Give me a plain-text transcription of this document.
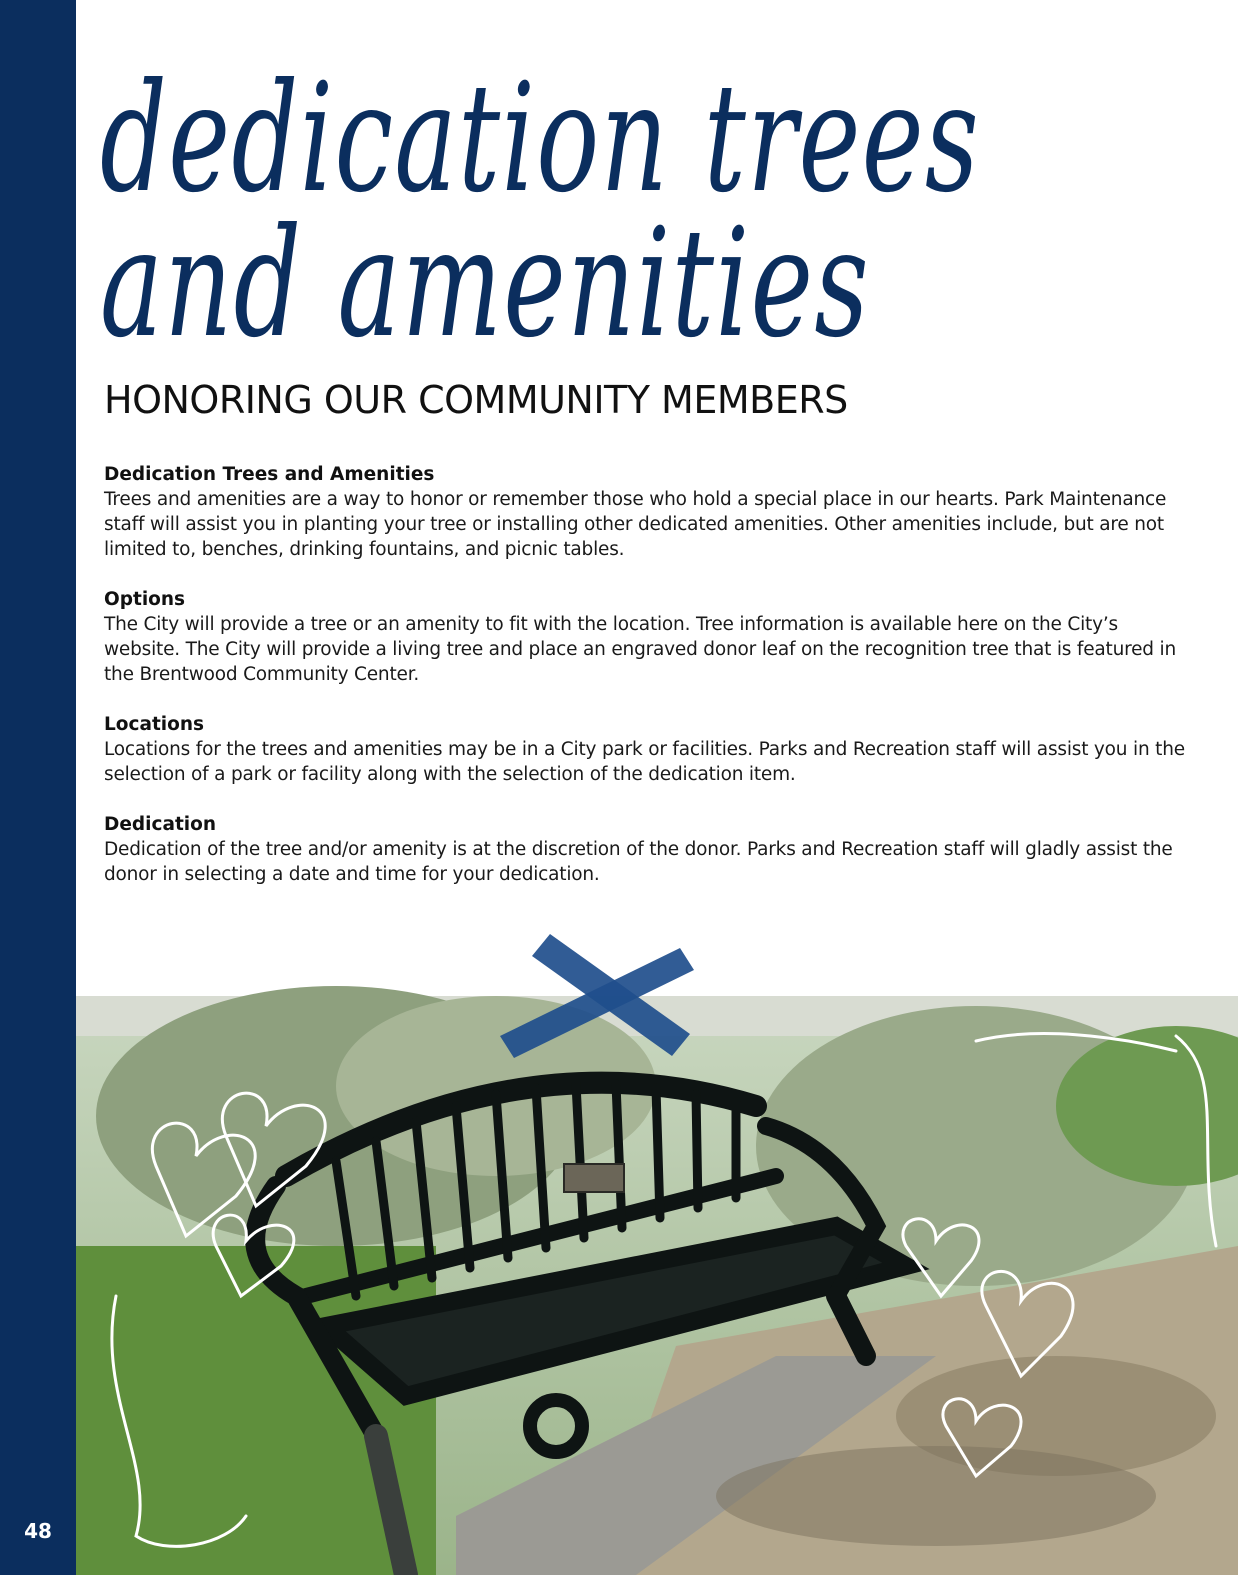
48
dedication trees
and amenities
HONORING OUR COMMUNITY MEMBERS
Dedication Trees and Amenities

Trees and amenities are a way to honor or remember those who hold a special place in our hearts. Park Maintenance staff will assist you in planting your tree or installing other dedicated amenities. Other amenities include, but are not limited to, benches, drinking fountains, and picnic tables.

Options

The City will provide a tree or an amenity to fit with the location. Tree information is available here on the City’s website. The City will provide a living tree and place an engraved donor leaf on the recognition tree that is featured in the Brentwood Community Center.

Locations

Locations for the trees and amenities may be in a City park or facilities. Parks and Recreation staff will assist you in the selection of a park or facility along with the selection of the dedication item.

Dedication

Dedication of the tree and/or amenity is at the discretion of the donor. Parks and Recreation staff will gladly assist the donor in selecting a date and time for your dedication.
